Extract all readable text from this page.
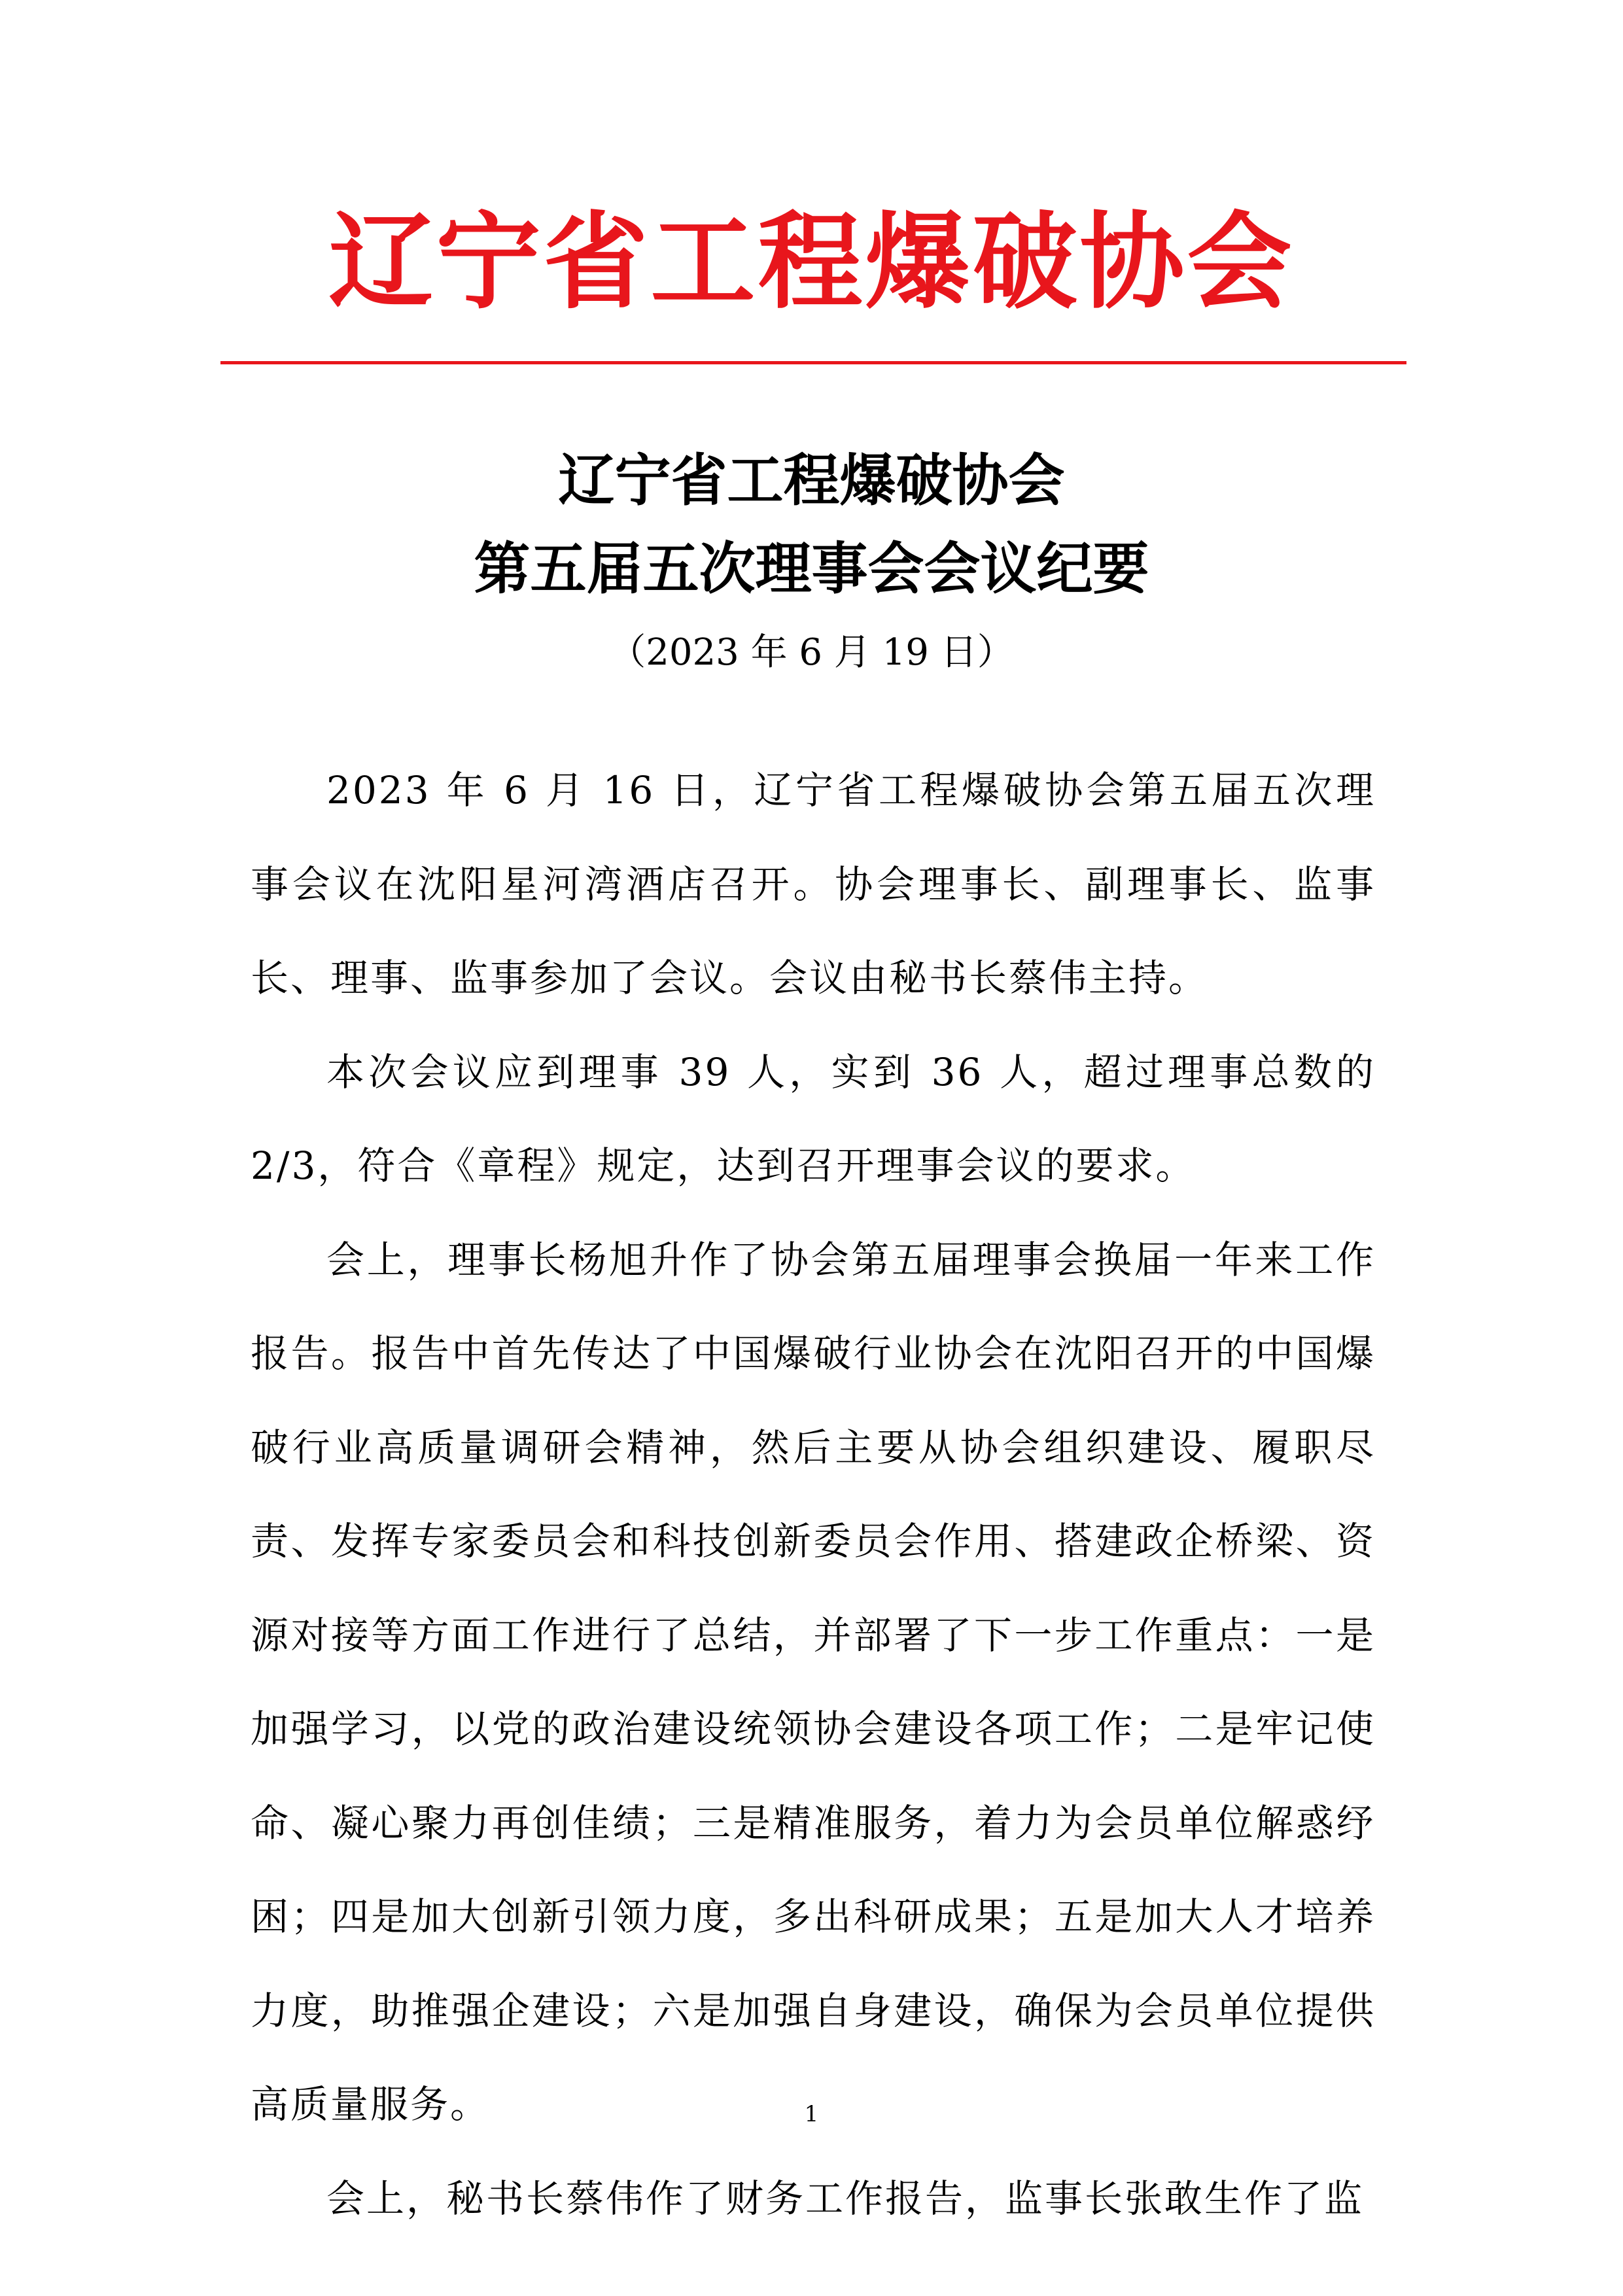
辽宁省工程爆破协会
辽宁省工程爆破协会
第五届五次理事会会议纪要
（2023 年 6 月 19 日）

2023 年 6 月 16 日，辽宁省工程爆破协会第五届五次理事会议在沈阳星河湾酒店召开。协会理事长、副理事长、监事长、理事、监事参加了会议。会议由秘书长蔡伟主持。

本次会议应到理事 39 人，实到 36 人，超过理事总数的 2/3，符合《章程》规定，达到召开理事会议的要求。

会上，理事长杨旭升作了协会第五届理事会换届一年来工作报告。报告中首先传达了中国爆破行业协会在沈阳召开的中国爆破行业高质量调研会精神，然后主要从协会组织建设、履职尽责、发挥专家委员会和科技创新委员会作用、搭建政企桥梁、资源对接等方面工作进行了总结，并部署了下一步工作重点：一是加强学习，以党的政治建设统领协会建设各项工作；二是牢记使命、凝心聚力再创佳绩；三是精准服务，着力为会员单位解惑纾困；四是加大创新引领力度，多出科研成果；五是加大人才培养力度，助推强企建设；六是加强自身建设，确保为会员单位提供高质量服务。

会上，秘书长蔡伟作了财务工作报告，监事长张敢生作了监

1
